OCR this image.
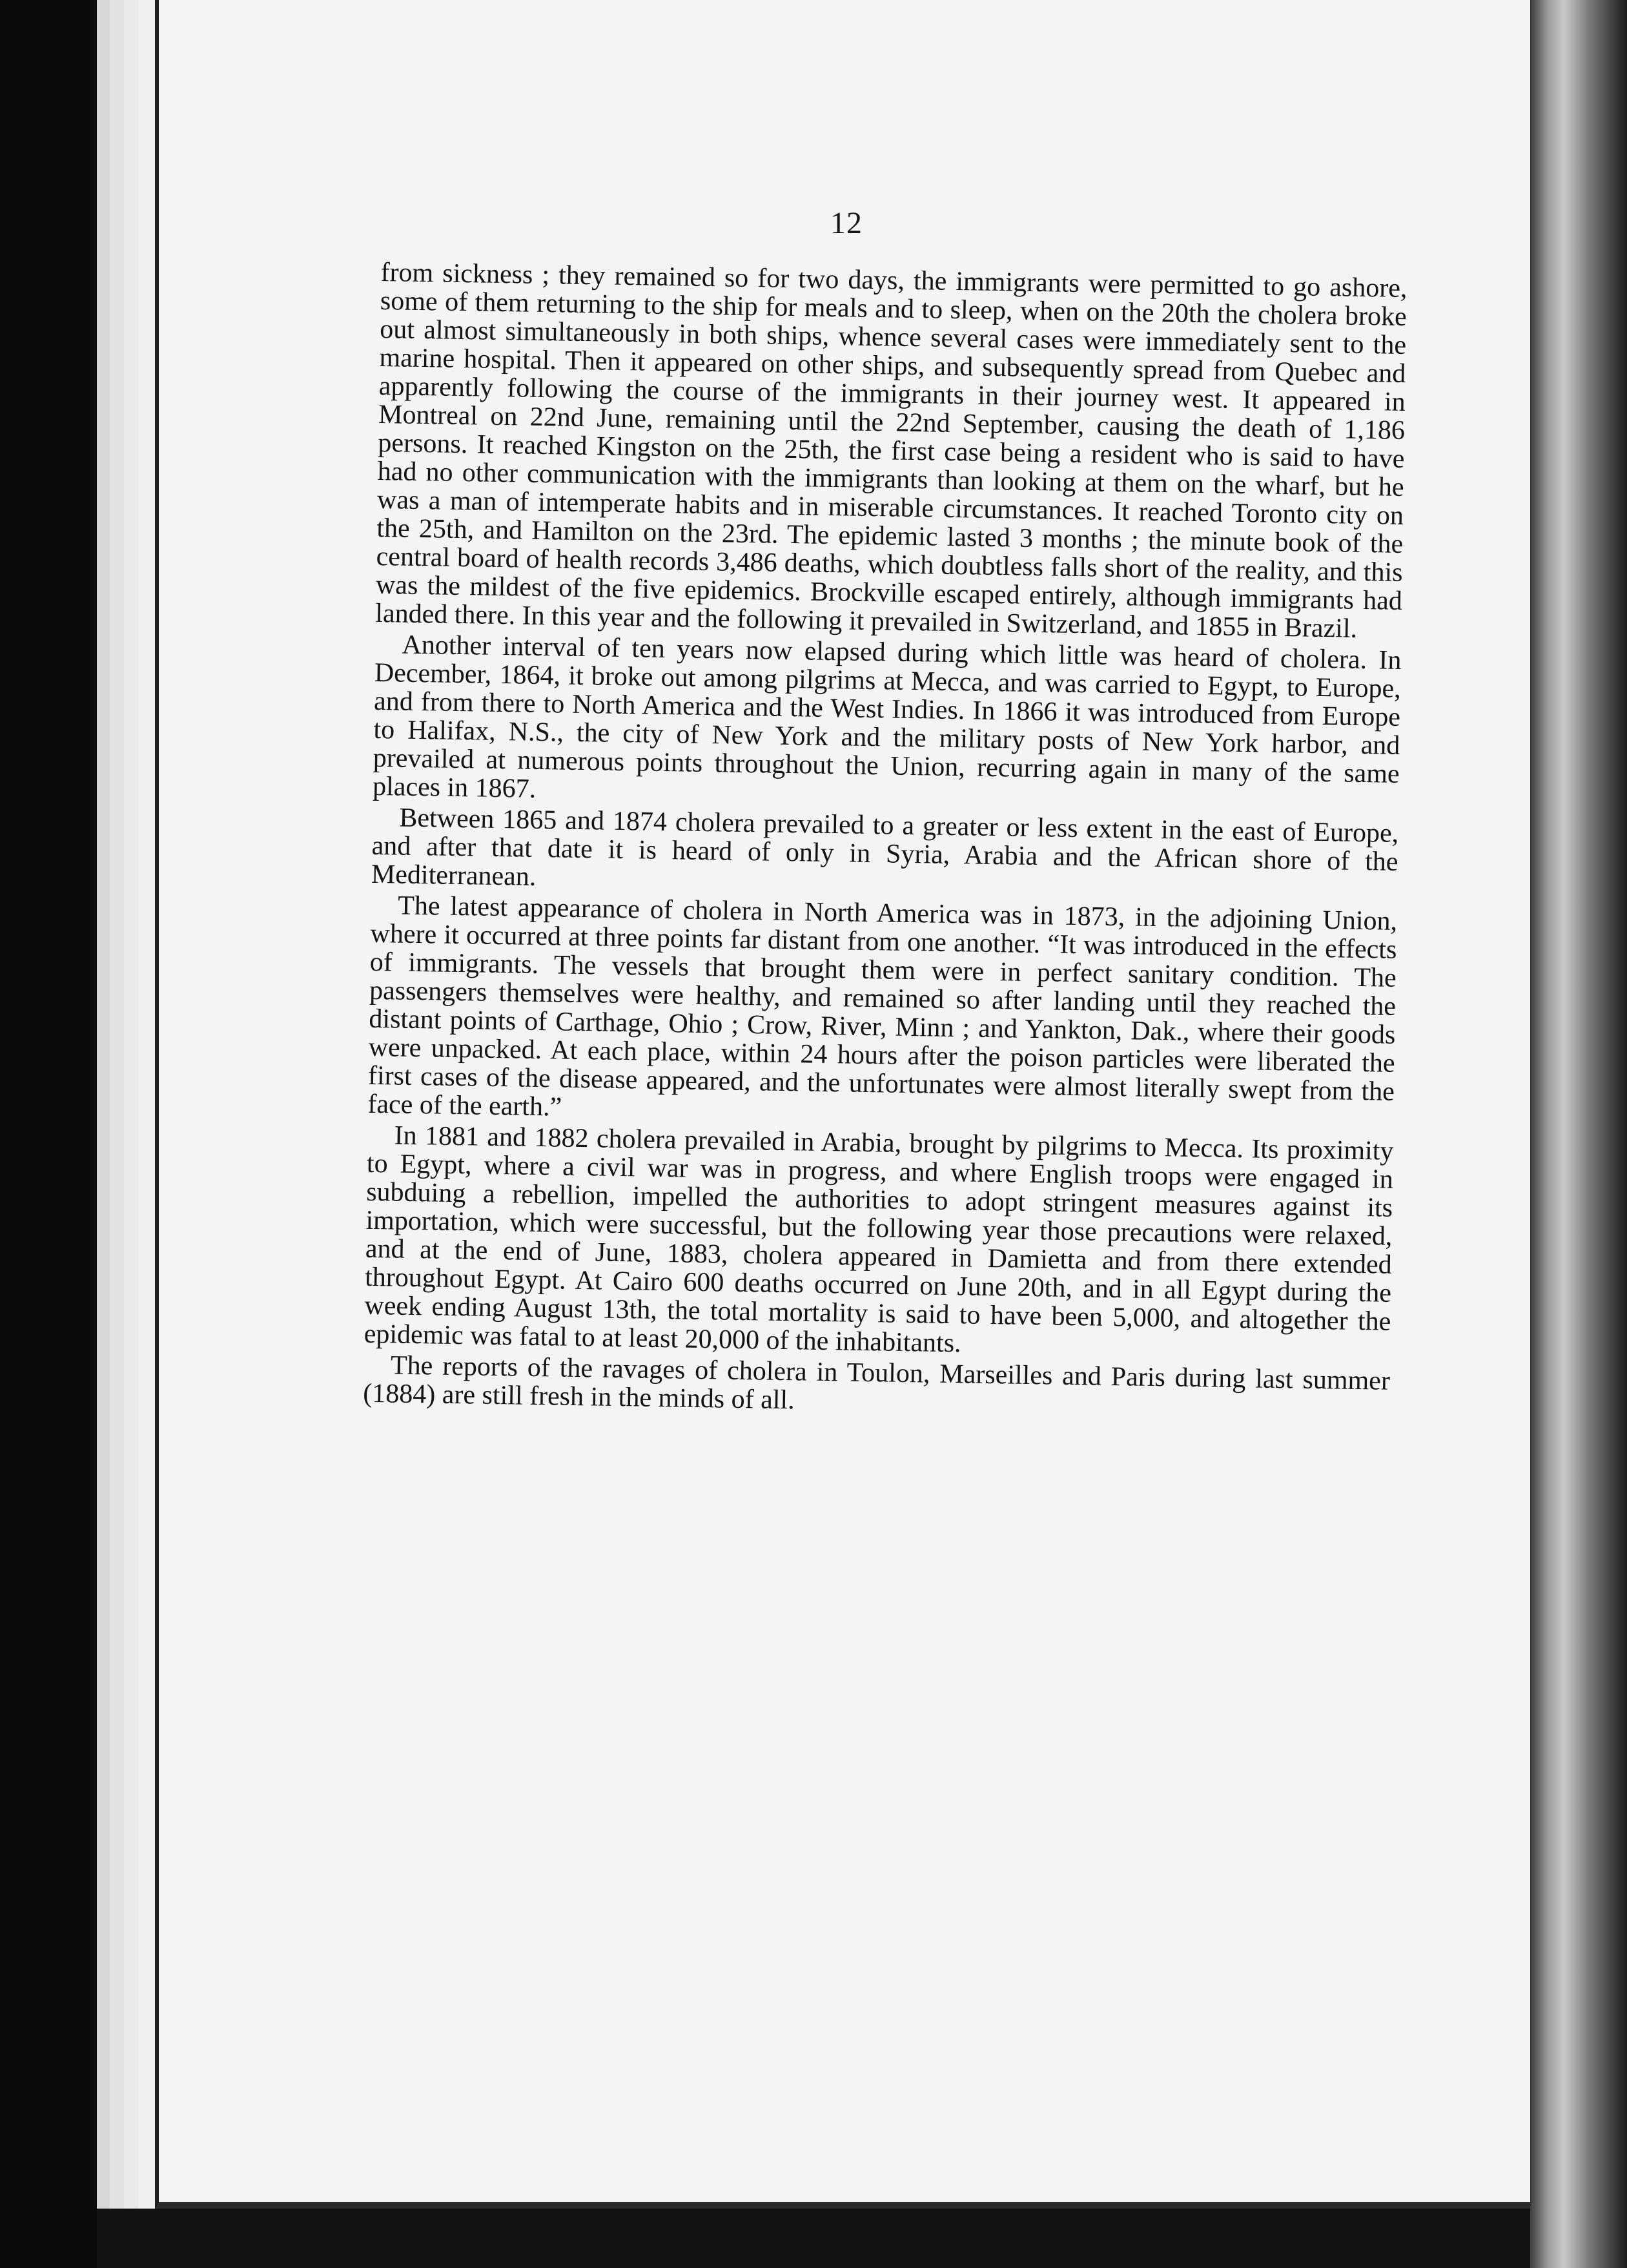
12

from sickness ; they remained so for two days, the immigrants were permitted to go ashore, some of them returning to the ship for meals and to sleep, when on the 20th the cholera broke out almost simultaneously in both ships, whence several cases were immediately sent to the marine hospital. Then it appeared on other ships, and subsequently spread from Quebec and apparently following the course of the immigrants in their journey west. It appeared in Montreal on 22nd June, remaining until the 22nd September, causing the death of 1,186 persons. It reached Kingston on the 25th, the first case being a resident who is said to have had no other communication with the immigrants than looking at them on the wharf, but he was a man of intemperate habits and in miserable circumstances. It reached Toronto city on the 25th, and Hamilton on the 23rd. The epidemic lasted 3 months ; the minute book of the central board of health records 3,486 deaths, which doubtless falls short of the reality, and this was the mildest of the five epidemics. Brockville escaped entirely, although immigrants had landed there. In this year and the following it prevailed in Switzerland, and 1855 in Brazil.

Another interval of ten years now elapsed during which little was heard of cholera. In December, 1864, it broke out among pilgrims at Mecca, and was carried to Egypt, to Europe, and from there to North America and the West Indies. In 1866 it was introduced from Europe to Halifax, N.S., the city of New York and the military posts of New York harbor, and prevailed at numerous points throughout the Union, recurring again in many of the same places in 1867.

Between 1865 and 1874 cholera prevailed to a greater or less extent in the east of Europe, and after that date it is heard of only in Syria, Arabia and the African shore of the Mediterranean.

The latest appearance of cholera in North America was in 1873, in the adjoining Union, where it occurred at three points far distant from one another. “It was introduced in the effects of immigrants. The vessels that brought them were in perfect sanitary condition. The passengers themselves were healthy, and remained so after landing until they reached the distant points of Carthage, Ohio ; Crow, River, Minn ; and Yankton, Dak., where their goods were unpacked. At each place, within 24 hours after the poison particles were liberated the first cases of the disease appeared, and the unfortunates were almost literally swept from the face of the earth.”

In 1881 and 1882 cholera prevailed in Arabia, brought by pilgrims to Mecca. Its proximity to Egypt, where a civil war was in progress, and where English troops were engaged in subduing a rebellion, impelled the authorities to adopt stringent measures against its importation, which were successful, but the following year those precautions were relaxed, and at the end of June, 1883, cholera appeared in Damietta and from there extended throughout Egypt. At Cairo 600 deaths occurred on June 20th, and in all Egypt during the week ending August 13th, the total mortality is said to have been 5,000, and altogether the epidemic was fatal to at least 20,000 of the inhabitants.

The reports of the ravages of cholera in Toulon, Marseilles and Paris during last summer (1884) are still fresh in the minds of all.
